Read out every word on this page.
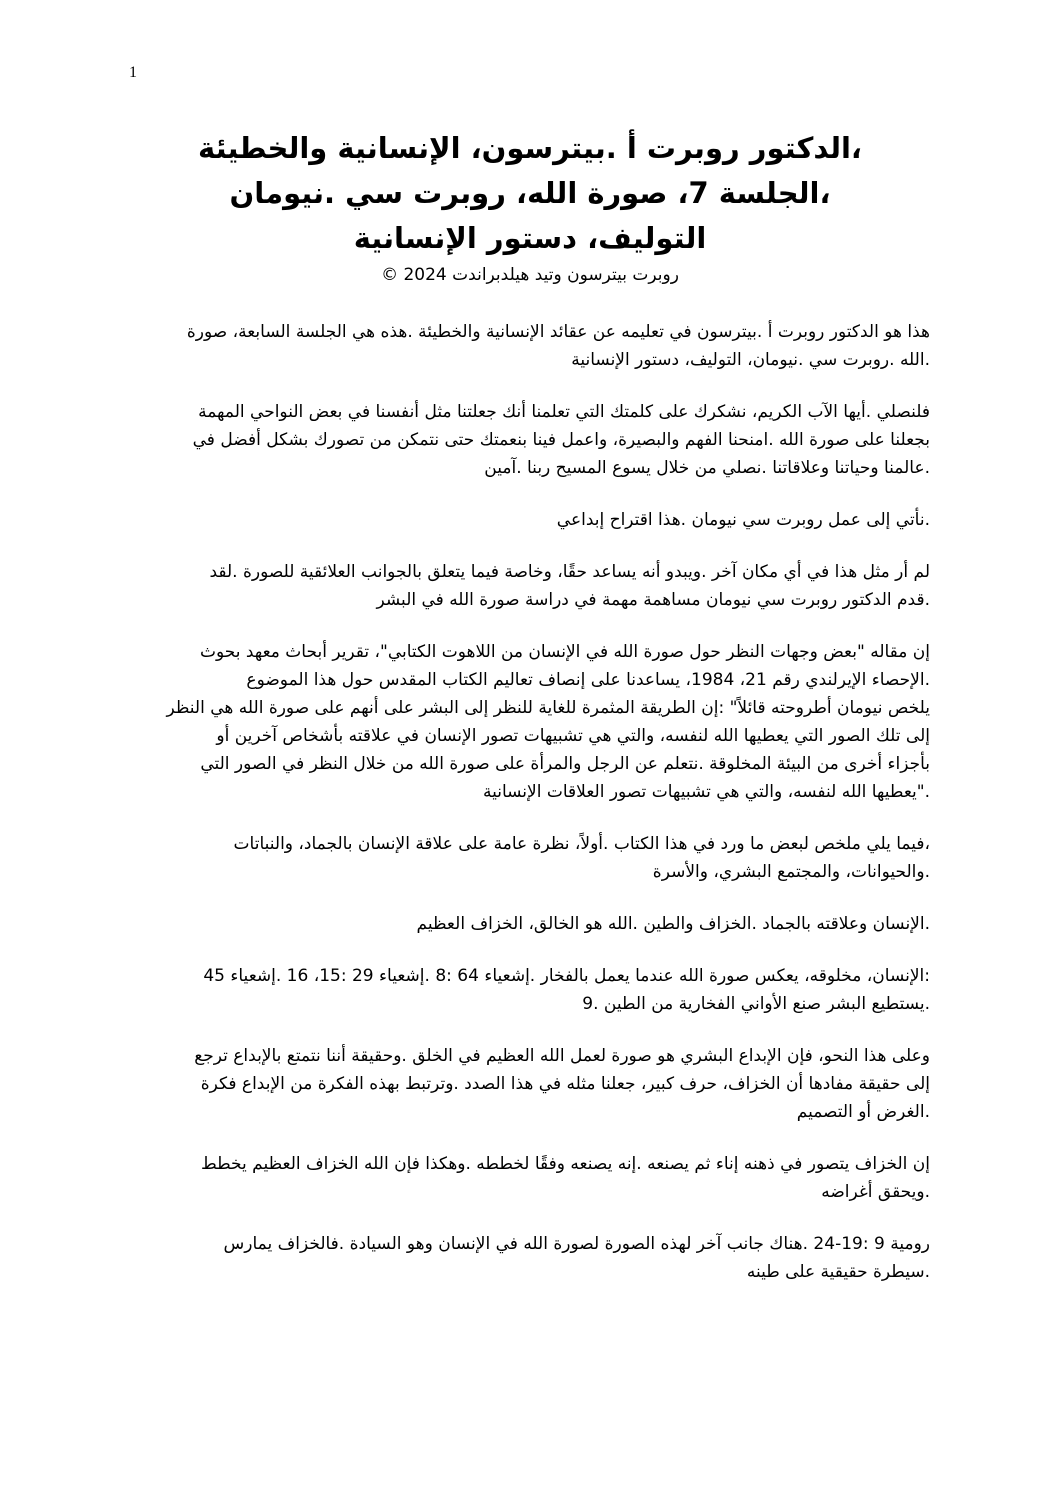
1
،الدكتور روبرت أ .بيترسون، الإنسانية والخطيئة
،الجلسة 7، صورة الله، روبرت سي .نيومان
التوليف، دستور الإنسانية
روبرت بيترسون وتيد هيلدبراندت 2024 ©
هذا هو الدكتور روبرت أ .بيترسون في تعليمه عن عقائد الإنسانية والخطيئة .هذه هي الجلسة السابعة، صورة
.الله .روبرت سي .نيومان، التوليف، دستور الإنسانية
فلنصلي .أيها الآب الكريم، نشكرك على كلمتك التي تعلمنا أنك جعلتنا مثل أنفسنا في بعض النواحي المهمة
بجعلنا على صورة الله .امنحنا الفهم والبصيرة، واعمل فينا بنعمتك حتى نتمكن من تصورك بشكل أفضل في
.عالمنا وحياتنا وعلاقاتنا .نصلي من خلال يسوع المسيح ربنا .آمين
.نأتي إلى عمل روبرت سي نيومان .هذا اقتراح إبداعي
لم أر مثل هذا في أي مكان آخر .ويبدو أنه يساعد حقًا، وخاصة فيما يتعلق بالجوانب العلائقية للصورة .لقد
.قدم الدكتور روبرت سي نيومان مساهمة مهمة في دراسة صورة الله في البشر
إن مقاله "بعض وجهات النظر حول صورة الله في الإنسان من اللاهوت الكتابي"، تقرير أبحاث معهد بحوث
.الإحصاء الإيرلندي رقم 21، 1984، يساعدنا على إنصاف تعاليم الكتاب المقدس حول هذا الموضوع
يلخص نيومان أطروحته قائلاً" :إن الطريقة المثمرة للغاية للنظر إلى البشر على أنهم على صورة الله هي النظر
إلى تلك الصور التي يعطيها الله لنفسه، والتي هي تشبيهات تصور الإنسان في علاقته بأشخاص آخرين أو
بأجزاء أخرى من البيئة المخلوقة .نتعلم عن الرجل والمرأة على صورة الله من خلال النظر في الصور التي
."يعطيها الله لنفسه، والتي هي تشبيهات تصور العلاقات الإنسانية
،فيما يلي ملخص لبعض ما ورد في هذا الكتاب .أولاً، نظرة عامة على علاقة الإنسان بالجماد، والنباتات
.والحيوانات، والمجتمع البشري، والأسرة
.الإنسان وعلاقته بالجماد .الخزاف والطين .الله هو الخالق، الخزاف العظيم
:الإنسان، مخلوقه، يعكس صورة الله عندما يعمل بالفخار .إشعياء 64 :8 .إشعياء 29 :15، 16 .إشعياء 45
.يستطيع البشر صنع الأواني الفخارية من الطين .9
وعلى هذا النحو، فإن الإبداع البشري هو صورة لعمل الله العظيم في الخلق .وحقيقة أننا نتمتع بالإبداع ترجع
إلى حقيقة مفادها أن الخزاف، حرف كبير، جعلنا مثله في هذا الصدد .وترتبط بهذه الفكرة من الإبداع فكرة
.الغرض أو التصميم
إن الخزاف يتصور في ذهنه إناء ثم يصنعه .إنه يصنعه وفقًا لخططه .وهكذا فإن الله الخزاف العظيم يخطط
.ويحقق أغراضه
رومية 9 :19-24 .هناك جانب آخر لهذه الصورة لصورة الله في الإنسان وهو السيادة .فالخزاف يمارس
.سيطرة حقيقية على طينه
